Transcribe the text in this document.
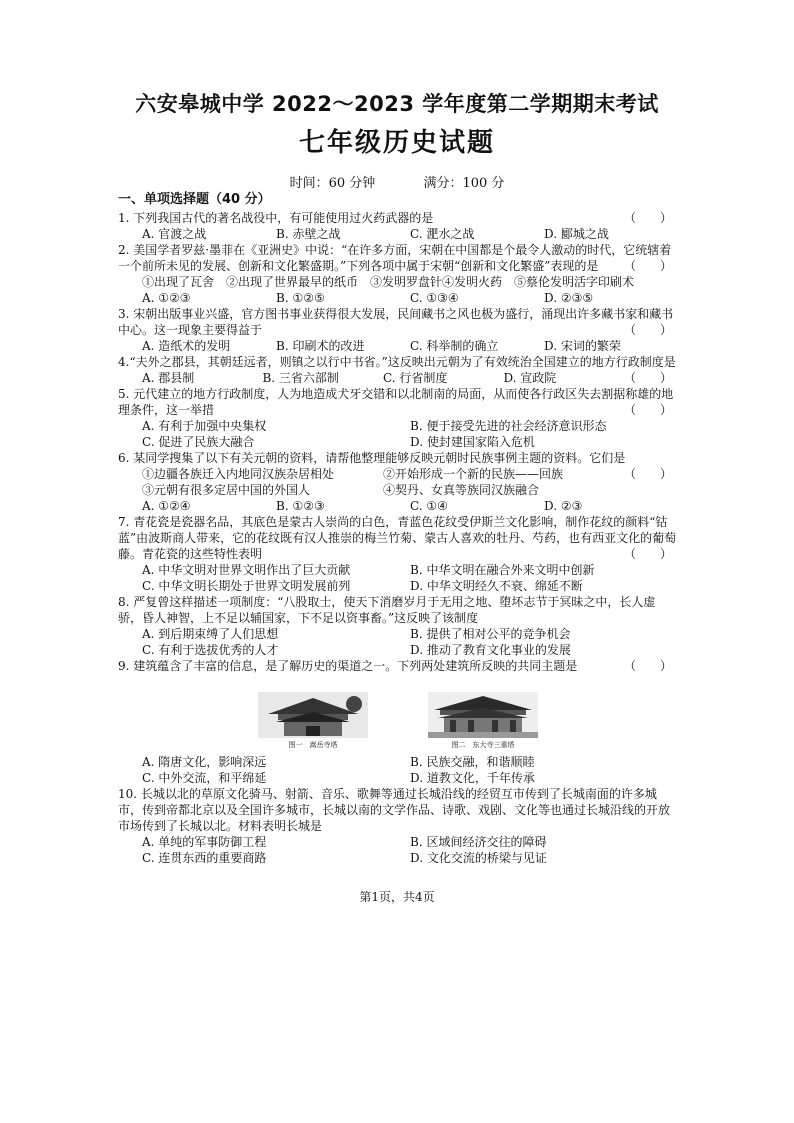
六安皋城中学 2022～2023 学年度第二学期期末考试
七年级历史试题
时间：60 分钟	满分：100 分
一、单项选择题（40 分）
（　　）
1. 下列我国古代的著名战役中，有可能使用过火药武器的是
A. 官渡之战	B. 赤壁之战	C. 淝水之战	D. 郾城之战
2. 美国学者罗兹·墨菲在《亚洲史》中说：“在许多方面，宋朝在中国都是个最令人激动的时代，它统辖着一个前所未见的发展、创新和文化繁盛期。”下列各项中属于宋朝“创新和文化繁盛”表现的是 （　　）
①出现了瓦舍　②出现了世界最早的纸币　③发明罗盘针④发明火药　⑤蔡伦发明活字印刷术
A. ①②③	B. ①②⑤	C. ①③④	D. ②③⑤
3. 宋朝出版事业兴盛，官方图书事业获得很大发展，民间藏书之风也极为盛行，涌现出许多藏书家和藏书中心。这一现象主要得益于	（　　）
A. 造纸术的发明	B. 印刷术的改进	C. 科举制的确立	D. 宋词的繁荣
4.“夫外之郡县，其朝廷远者，则镇之以行中书省。”这反映出元朝为了有效统治全国建立的地方行政制度是
（　　）
A. 郡县制	B. 三省六部制	C. 行省制度	D. 宣政院
5. 元代建立的地方行政制度，人为地造成犬牙交错和以北制南的局面，从而使各行政区失去割据称雄的地理条件，这一举措	（　　）
A. 有利于加强中央集权	B. 便于接受先进的社会经济意识形态
C. 促进了民族大融合	D. 使封建国家陷入危机
6. 某同学搜集了以下有关元朝的资料，请帮他整理能够反映元朝时民族事例主题的资料。它们是
（　　）
①边疆各族迁入内地同汉族杂居相处	②开始形成一个新的民族——回族
③元朝有很多定居中国的外国人	④契丹、女真等族同汉族融合
A. ①②④	B. ①②③	C. ①④	D. ②③
7. 青花瓷是瓷器名品，其底色是蒙古人崇尚的白色，青蓝色花纹受伊斯兰文化影响，制作花纹的颜料“钴蓝”由波斯商人带来，它的花纹既有汉人推崇的梅兰竹菊、蒙古人喜欢的牡丹、芍药，也有西亚文化的葡萄藤。青花瓷的这些特性表明	（　　）
A. 中华文明对世界文明作出了巨大贡献	B. 中华文明在融合外来文明中创新
C. 中华文明长期处于世界文明发展前列	D. 中华文明经久不衰、绵延不断
8. 严复曾这样描述一项制度：“八股取士，使天下消磨岁月于无用之地、堕坏志节于冥昧之中，长人虚骄，昏人神智，上不足以辅国家，下不足以资事畜。”这反映了该制度
A. 到后期束缚了人们思想	B. 提供了相对公平的竞争机会
C. 有利于选拔优秀的人才	D. 推动了教育文化事业的发展
9. 建筑蕴含了丰富的信息，是了解历史的渠道之一。下列两处建筑所反映的共同主题是	（　　）
图一　嵩岳寺塔	图二　东大寺三重塔
A. 隋唐文化，影响深远	B. 民族交融，和谐顺睦
C. 中外交流，和平绵延	D. 道教文化，千年传承
10. 长城以北的草原文化骑马、射箭、音乐、歌舞等通过长城沿线的经贸互市传到了长城南面的许多城市，传到帝都北京以及全国许多城市，长城以南的文学作品、诗歌、戏剧、文化等也通过长城沿线的开放市场传到了长城以北。材料表明长城是
A. 单纯的军事防御工程	B. 区域间经济交往的障碍
C. 连贯东西的重要商路	D. 文化交流的桥梁与见证
第1页，共4页
